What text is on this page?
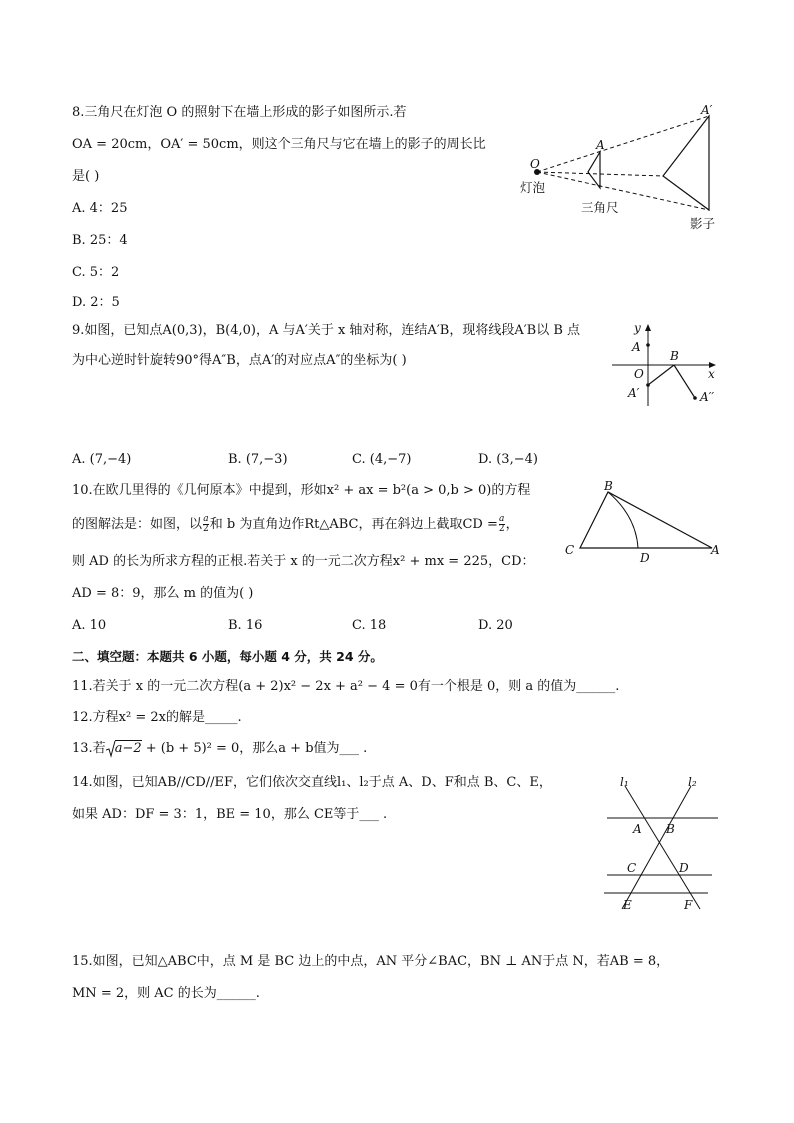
8.三角尺在灯泡 O 的照射下在墙上形成的影子如图所示.若
OA = 20cm，OA′ = 50cm，则这个三角尺与它在墙上的影子的周长比
是( )
A. 4：25
B. 25：4
C. 5：2
D. 2：5
O
A
A′
灯泡
三角尺
影子
9.如图，已知点A(0,3)，B(4,0)，A 与A′关于 x 轴对称，连结A′B，现将线段A′B以 B 点
为中心逆时针旋转90°得A″B，点A′的对应点A″的坐标为( )
y
x
A
B
O
A′	A′′
A. (7,−4)	B. (7,−3)	C. (4,−7)	D. (3,−4)
10.在欧几里得的《几何原本》中提到，形如x² + ax = b²(a > 0,b > 0)的方程
的图解法是：如图，以 $\frac{a}{2}$ 和 b 为直角边作Rt△ABC，再在斜边上截取CD = $\frac{a}{2}$ ，
则 AD 的长为所求方程的正根.若关于 x 的一元二次方程x² + mx = 225，CD：
AD = 8：9，那么 m 的值为( )
B
C
D
A
A. 10	B. 16	C. 18	D. 20
二、填空题：本题共 6 小题，每小题 4 分，共 24 分。
11.若关于 x 的一元二次方程(a + 2)x² − 2x + a² − 4 = 0有一个根是 0，则 a 的值为______.
12.方程x² = 2x的解是_____.
13.若 a−2 + (b + 5)² = 0，那么a + b值为___ .
14.如图，已知AB//CD//EF，它们依次交直线l₁、l₂于点 A、D、F和点 B、C、E，
如果 AD：DF = 3：1，BE = 10，那么 CE等于___ .
l₁	l₂
A B
C	D
E	F
15.如图，已知△ABC中，点 M 是 BC 边上的中点，AN 平分∠BAC，BN ⊥ AN于点 N，若AB = 8，
MN = 2，则 AC 的长为______.
